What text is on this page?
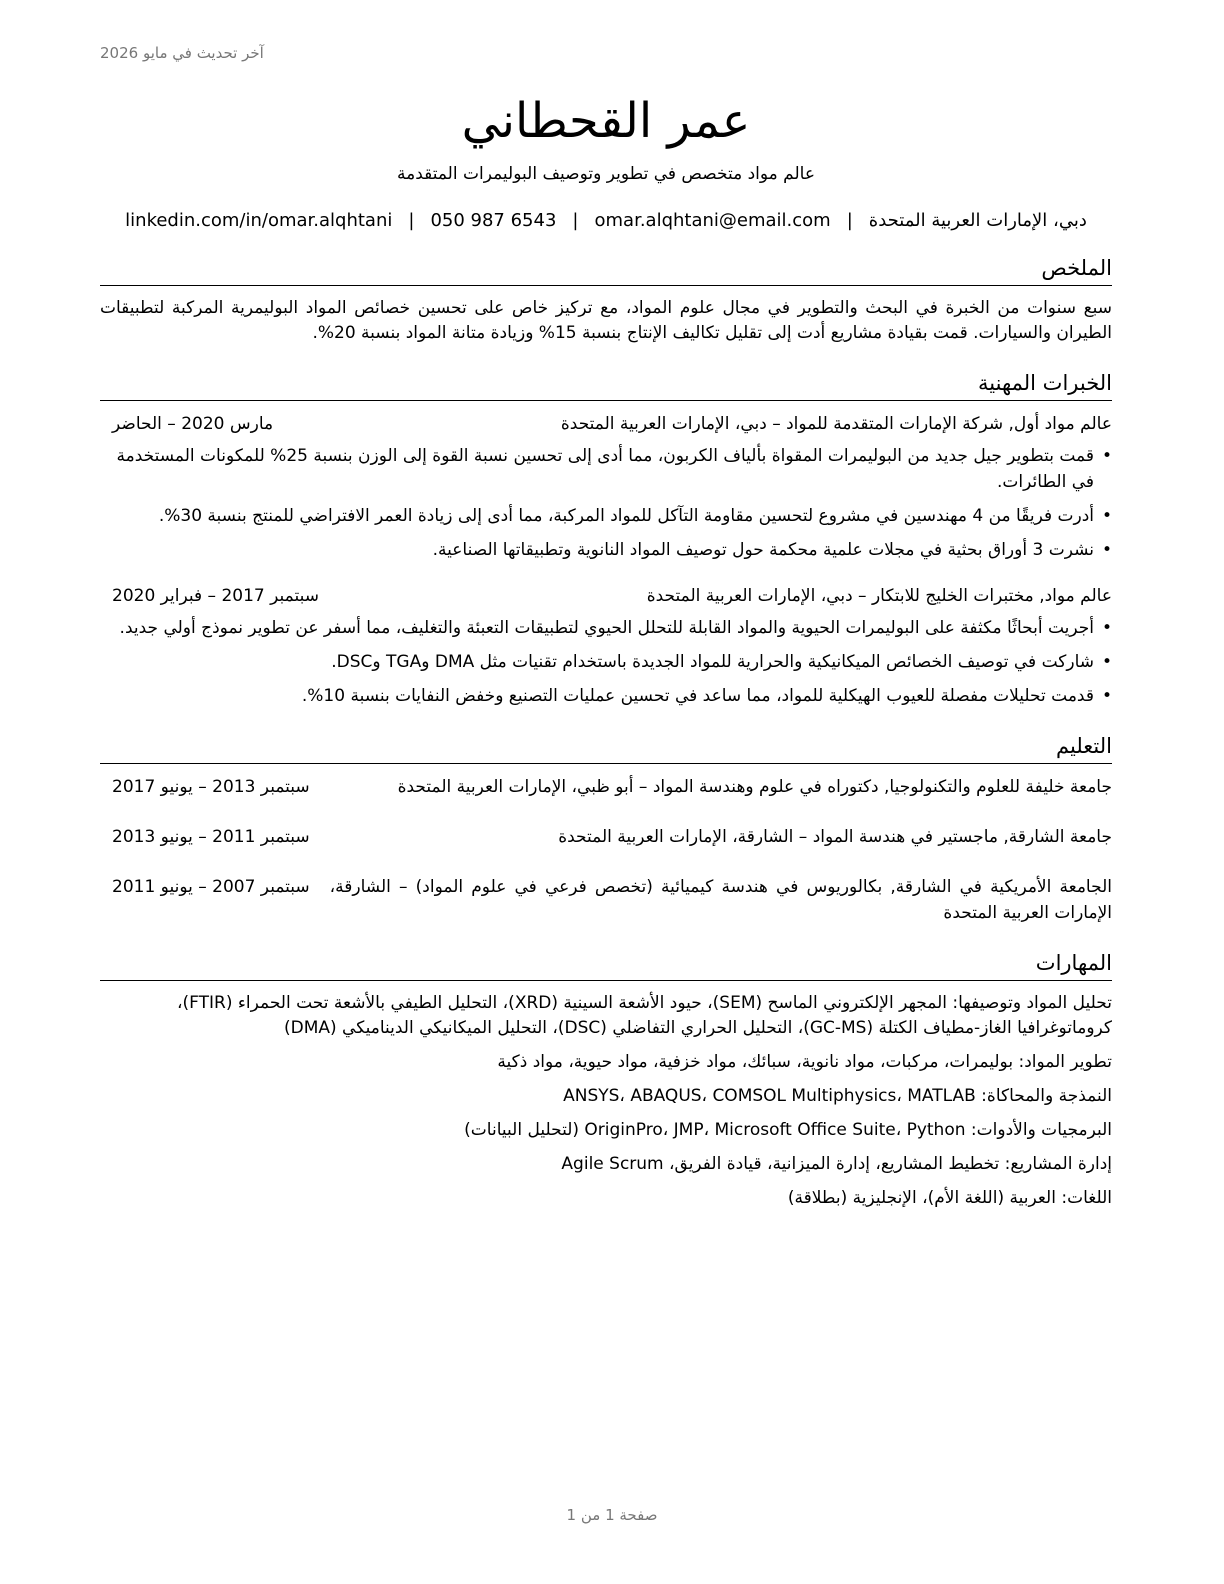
آخر تحديث في مايو 2026
عمر القحطاني
عالم مواد متخصص في تطوير وتوصيف البوليمرات المتقدمة
دبي، الإمارات العربية المتحدة
|
omar.alqhtani@email.com
|
050 987 6543
|
linkedin.com/in/omar.alqhtani
الملخص
سبع سنوات من الخبرة في البحث والتطوير في مجال علوم المواد، مع تركيز خاص على تحسين خصائص المواد البوليمرية المركبة لتطبيقات الطيران والسيارات. قمت بقيادة مشاريع أدت إلى تقليل تكاليف الإنتاج بنسبة 15% وزيادة متانة المواد بنسبة 20%.
الخبرات المهنية
عالم مواد أول, شركة الإمارات المتقدمة للمواد – دبي، الإمارات العربية المتحدة
مارس 2020 – الحاضر
• قمت بتطوير جيل جديد من البوليمرات المقواة بألياف الكربون، مما أدى إلى تحسين نسبة القوة إلى الوزن بنسبة 25% للمكونات المستخدمة في الطائرات.
• أدرت فريقًا من 4 مهندسين في مشروع لتحسين مقاومة التآكل للمواد المركبة، مما أدى إلى زيادة العمر الافتراضي للمنتج بنسبة 30%.
• نشرت 3 أوراق بحثية في مجلات علمية محكمة حول توصيف المواد النانوية وتطبيقاتها الصناعية.
عالم مواد, مختبرات الخليج للابتكار – دبي، الإمارات العربية المتحدة
سبتمبر 2017 – فبراير 2020
• أجريت أبحاثًا مكثفة على البوليمرات الحيوية والمواد القابلة للتحلل الحيوي لتطبيقات التعبئة والتغليف، مما أسفر عن تطوير نموذج أولي جديد.
• شاركت في توصيف الخصائص الميكانيكية والحرارية للمواد الجديدة باستخدام تقنيات مثل DMA وTGA وDSC.
• قدمت تحليلات مفصلة للعيوب الهيكلية للمواد، مما ساعد في تحسين عمليات التصنيع وخفض النفايات بنسبة 10%.
التعليم
جامعة خليفة للعلوم والتكنولوجيا, دكتوراه في علوم وهندسة المواد – أبو ظبي، الإمارات العربية المتحدة
سبتمبر 2013 – يونيو 2017
جامعة الشارقة, ماجستير في هندسة المواد – الشارقة، الإمارات العربية المتحدة
سبتمبر 2011 – يونيو 2013
الجامعة الأمريكية في الشارقة, بكالوريوس في هندسة كيميائية (تخصص فرعي في علوم المواد) – الشارقة، الإمارات العربية المتحدة
سبتمبر 2007 – يونيو 2011
المهارات
تحليل المواد وتوصيفها: المجهر الإلكتروني الماسح (SEM)، حيود الأشعة السينية (XRD)، التحليل الطيفي بالأشعة تحت الحمراء (FTIR)، كروماتوغرافيا الغاز-مطياف الكتلة (GC-MS)، التحليل الحراري التفاضلي (DSC)، التحليل الميكانيكي الديناميكي (DMA)
تطوير المواد: بوليمرات، مركبات، مواد نانوية، سبائك، مواد خزفية، مواد حيوية، مواد ذكية
النمذجة والمحاكاة: ANSYS، ABAQUS، COMSOL Multiphysics، MATLAB
البرمجيات والأدوات: OriginPro، JMP، Microsoft Office Suite، Python (لتحليل البيانات)
إدارة المشاريع: تخطيط المشاريع، إدارة الميزانية، قيادة الفريق، Agile Scrum
اللغات: العربية (اللغة الأم)، الإنجليزية (بطلاقة)
صفحة 1 من 1
